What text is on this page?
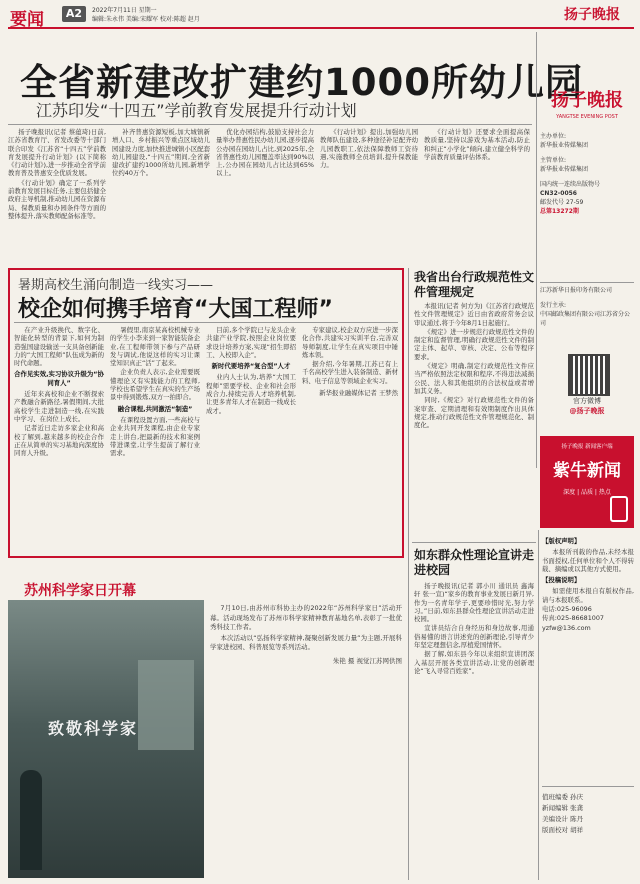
要闻	A2	2022年7月11日 星期一
编辑:朱永伟 美编:宋耀军 校对:陈超 赵月	扬子晚报
全省新建改扩建约1000所幼儿园
江苏印发“十四五”学前教育发展提升行动计划

扬子晚报讯(记者 蔡蕴琦)日前,江苏省教育厅、省发改委等十部门联合印发《江苏省“十四五”学前教育发展提升行动计划》(以下简称《行动计划》),进一步推动全省学前教育普及普惠安全优质发展。

《行动计划》确定了一系列学前教育发展目标任务,主要包括健全政府主导机制,推动幼儿园在资源布局、保教质量和办园条件等方面的整体提升,落实教师配备标准等。

补齐普惠资源短板,加大城镇新增人口、乡村振兴等重点区域幼儿园建设力度,加快推进城镇小区配套幼儿园建设,“十四五”期间,全省新建改扩建约1000所幼儿园,新增学位约40万个。

优化办园结构,鼓励支持社会力量举办普惠性民办幼儿园,逐步提高公办园在园幼儿占比,到2025年,全省普惠性幼儿园覆盖率达到90%以上,公办园在园幼儿占比达到65%以上。

《行动计划》提出,加强幼儿园教师队伍建设,多种途径补足配齐幼儿园教职工,依法保障教师工资待遇,实施教师全员培训,提升保教能力。

《行动计划》还要求全面提高保教质量,坚持以游戏为基本活动,防止和纠正“小学化”倾向,建立健全科学的学前教育质量评估体系。

扬子晚报
YANGTSE EVENING POST
主办单位:
新华报业传媒集团
主管单位:
新华报业传媒集团
国内统一连续出版物号
CN32-0056
邮发代号 27-59
总第13272期
江苏新华日报印务有限公司
发行主承:
中国邮政集团有限公司江苏省分公司
官方微博
@扬子晚报
扬子晚报 新闻客户端
紫牛新闻
深度 | 品质 | 热点
暑期高校生涌向制造一线实习——
校企如何携手培育“大国工程师”

在产业升级换代、数字化、智能化转型的背景下,如何为制造强国建设输送一支具备创新能力的“大国工程师”队伍成为新的时代命题。

合作见实效,实习协议升级为“协同育人”

近年来高校和企业不断探索产教融合新路径,暑假期间,大批高校学生走进制造一线,在实践中学习、在岗位上成长。

记者近日走访多家企业和高校了解到,越来越多的校企合作正在从简单的实习基地向深度协同育人升级。

暑假里,南京某高校机械专业的学生小李来到一家智能装备企业,在工程师带领下参与产品研发与调试,他说这样的实习让课堂知识真正“活”了起来。

企业负责人表示,企业需要既懂理论又有实践能力的工程师,学校也希望学生在真实的生产场景中得到锻炼,双方一拍即合。

融合课程,共同激活“制造”

在课程设置方面,一些高校与企业共同开发课程,由企业专家走上讲台,把最新的技术和案例带进课堂,让学生提前了解行业需求。

目前,多个学院已与龙头企业共建产业学院,按照企业岗位要求设计培养方案,实现“招生即招工、入校即入企”。

新时代要培养“复合型”人才

业内人士认为,培养“大国工程师”需要学校、企业和社会形成合力,持续完善人才培养机制,让更多青年人才在制造一线成长成才。

专家建议,校企双方应进一步深化合作,共建实习实训平台,完善双导师制度,让学生在真实项目中锤炼本领。

据介绍,今年暑期,江苏已有上千名高校学生进入装备制造、新材料、电子信息等领域企业实习。

新华报业融媒体记者 王梦然

我省出台行政规范性文件管理规定

本报讯(记者 何方为)《江苏省行政规范性文件管理规定》近日由省政府常务会议审议通过,将于今年8月1日起施行。

《规定》进一步规范行政规范性文件的制定和监督管理,明确行政规范性文件的制定主体、起草、审核、决定、公布等程序要求。

《规定》明确,制定行政规范性文件应当严格依照法定权限和程序,不得违法减损公民、法人和其他组织的合法权益或者增加其义务。

同时,《规定》对行政规范性文件的备案审查、定期清理和有效期制度作出具体规定,推动行政规范性文件管理规范化、制度化。

如东群众性理论宣讲走进校园

扬子晚报讯(记者 郭小川 通讯员 鑫海轩 张一宣)“家乡的教育事业发展日新月异,作为一名青年学子,更要珍惜时光,努力学习。”日前,如东县群众性理论宣讲活动走进校园。

宣讲员结合自身经历和身边故事,用通俗易懂的语言讲述党的创新理论,引导青少年坚定理想信念,厚植爱国情怀。

据了解,如东县今年以来组织宣讲团深入基层开展各类宣讲活动,让党的创新理论“飞入寻常百姓家”。

【版权声明】

本报所刊载的作品,未经本报书面授权,任何单位和个人不得转载、摘编或以其他方式使用。

【投稿说明】

如需使用本报自有版权作品,请与本报联系。

电话:025-96096

传真:025-86681007

yzfw@136.com

值班编委 孙庆
新闻编辑 张龚
美编设计 陈丹
版面校对 胡祥
苏州科学家日开幕
致敬科学家

7月10日,由苏州市科协主办的2022年“苏州科学家日”活动开幕。活动现场发布了苏州市科学家精神教育基地名单,表彰了一批优秀科技工作者。

本次活动以“弘扬科学家精神,凝聚创新发展力量”为主题,开展科学家进校园、科普展览等系列活动。

朱艳 摄 视觉江苏网供图
